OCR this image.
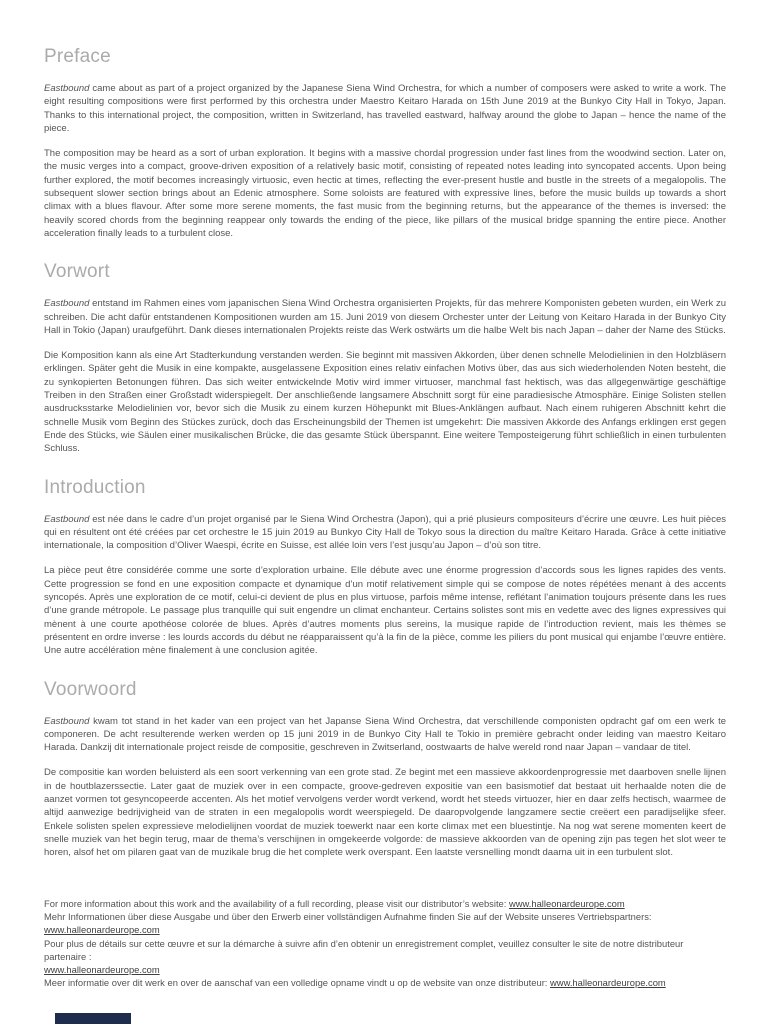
Preface

Eastbound came about as part of a project organized by the Japanese Siena Wind Orchestra, for which a number of composers were asked to write a work. The eight resulting compositions were first performed by this orchestra under Maestro Keitaro Harada on 15th June 2019 at the Bunkyo City Hall in Tokyo, Japan. Thanks to this international project, the composition, written in Switzerland, has travelled eastward, halfway around the globe to Japan – hence the name of the piece.

The composition may be heard as a sort of urban exploration. It begins with a massive chordal progression under fast lines from the woodwind section. Later on, the music verges into a compact, groove-driven exposition of a relatively basic motif, consisting of repeated notes leading into syncopated accents. Upon being further explored, the motif becomes increasingly virtuosic, even hectic at times, reflecting the ever-present hustle and bustle in the streets of a megalopolis. The subsequent slower section brings about an Edenic atmosphere. Some soloists are featured with expressive lines, before the music builds up towards a short climax with a blues flavour. After some more serene moments, the fast music from the beginning returns, but the appearance of the themes is inversed: the heavily scored chords from the beginning reappear only towards the ending of the piece, like pillars of the musical bridge spanning the entire piece. Another acceleration finally leads to a turbulent close.

Vorwort

Eastbound entstand im Rahmen eines vom japanischen Siena Wind Orchestra organisierten Projekts, für das mehrere Komponisten gebeten wurden, ein Werk zu schreiben. Die acht dafür entstandenen Kompositionen wurden am 15. Juni 2019 von diesem Orchester unter der Leitung von Keitaro Harada in der Bunkyo City Hall in Tokio (Japan) uraufgeführt. Dank dieses internationalen Projekts reiste das Werk ostwärts um die halbe Welt bis nach Japan – daher der Name des Stücks.

Die Komposition kann als eine Art Stadterkundung verstanden werden. Sie beginnt mit massiven Akkorden, über denen schnelle Melodielinien in den Holzbläsern erklingen. Später geht die Musik in eine kompakte, ausgelassene Exposition eines relativ einfachen Motivs über, das aus sich wiederholenden Noten besteht, die zu synkopierten Betonungen führen. Das sich weiter entwickelnde Motiv wird immer virtuoser, manchmal fast hektisch, was das allgegenwärtige geschäftige Treiben in den Straßen einer Großstadt widerspiegelt. Der anschließende langsamere Abschnitt sorgt für eine paradiesische Atmosphäre. Einige Solisten stellen ausdrucksstarke Melodielinien vor, bevor sich die Musik zu einem kurzen Höhepunkt mit Blues-Anklängen aufbaut. Nach einem ruhigeren Abschnitt kehrt die schnelle Musik vom Beginn des Stückes zurück, doch das Erscheinungsbild der Themen ist umgekehrt: Die massiven Akkorde des Anfangs erklingen erst gegen Ende des Stücks, wie Säulen einer musikalischen Brücke, die das gesamte Stück überspannt. Eine weitere Temposteigerung führt schließlich in einen turbulenten Schluss.

Introduction

Eastbound est née dans le cadre d’un projet organisé par le Siena Wind Orchestra (Japon), qui a prié plusieurs compositeurs d’écrire une œuvre. Les huit pièces qui en résultent ont été créées par cet orchestre le 15 juin 2019 au Bunkyo City Hall de Tokyo sous la direction du maître Keitaro Harada. Grâce à cette initiative internationale, la composition d’Oliver Waespi, écrite en Suisse, est allée loin vers l’est jusqu’au Japon – d’où son titre.

La pièce peut être considérée comme une sorte d’exploration urbaine. Elle débute avec une énorme progression d’accords sous les lignes rapides des vents. Cette progression se fond en une exposition compacte et dynamique d’un motif relativement simple qui se compose de notes répétées menant à des accents syncopés. Après une exploration de ce motif, celui-ci devient de plus en plus virtuose, parfois même intense, reflétant l’animation toujours présente dans les rues d’une grande métropole. Le passage plus tranquille qui suit engendre un climat enchanteur. Certains solistes sont mis en vedette avec des lignes expressives qui mènent à une courte apothéose colorée de blues. Après d’autres moments plus sereins, la musique rapide de l’introduction revient, mais les thèmes se présentent en ordre inverse : les lourds accords du début ne réapparaissent qu’à la fin de la pièce, comme les piliers du pont musical qui enjambe l’œuvre entière. Une autre accélération mène finalement à une conclusion agitée.

Voorwoord

Eastbound kwam tot stand in het kader van een project van het Japanse Siena Wind Orchestra, dat verschillende componisten opdracht gaf om een werk te componeren. De acht resulterende werken werden op 15 juni 2019 in de Bunkyo City Hall te Tokio in première gebracht onder leiding van maestro Keitaro Harada. Dankzij dit internationale project reisde de compositie, geschreven in Zwitserland, oostwaarts de halve wereld rond naar Japan – vandaar de titel.

De compositie kan worden beluisterd als een soort verkenning van een grote stad. Ze begint met een massieve akkoordenprogressie met daarboven snelle lijnen in de houtblazerssectie. Later gaat de muziek over in een compacte, groove-gedreven expositie van een basismotief dat bestaat uit herhaalde noten die de aanzet vormen tot gesyncopeerde accenten. Als het motief vervolgens verder wordt verkend, wordt het steeds virtuozer, hier en daar zelfs hectisch, waarmee de altijd aanwezige bedrijvigheid van de straten in een megalopolis wordt weerspiegeld. De daaropvolgende langzamere sectie creëert een paradijselijke sfeer. Enkele solisten spelen expressieve melodielijnen voordat de muziek toewerkt naar een korte climax met een bluestintje. Na nog wat serene momenten keert de snelle muziek van het begin terug, maar de thema’s verschijnen in omgekeerde volgorde: de massieve akkoorden van de opening zijn pas tegen het slot weer te horen, alsof het om pilaren gaat van de muzikale brug die het complete werk overspant. Een laatste versnelling mondt daarna uit in een turbulent slot.

For more information about this work and the availability of a full recording, please visit our distributor’s website: www.halleonardeurope.com

Mehr Informationen über diese Ausgabe und über den Erwerb einer vollständigen Aufnahme finden Sie auf der Website unseres Vertriebspartners: www.halleonardeurope.com

Pour plus de détails sur cette œuvre et sur la démarche à suivre afin d’en obtenir un enregistrement complet, veuillez consulter le site de notre distributeur partenaire :
www.halleonardeurope.com

Meer informatie over dit werk en over de aanschaf van een volledige opname vindt u op de website van onze distributeur: www.halleonardeurope.com
